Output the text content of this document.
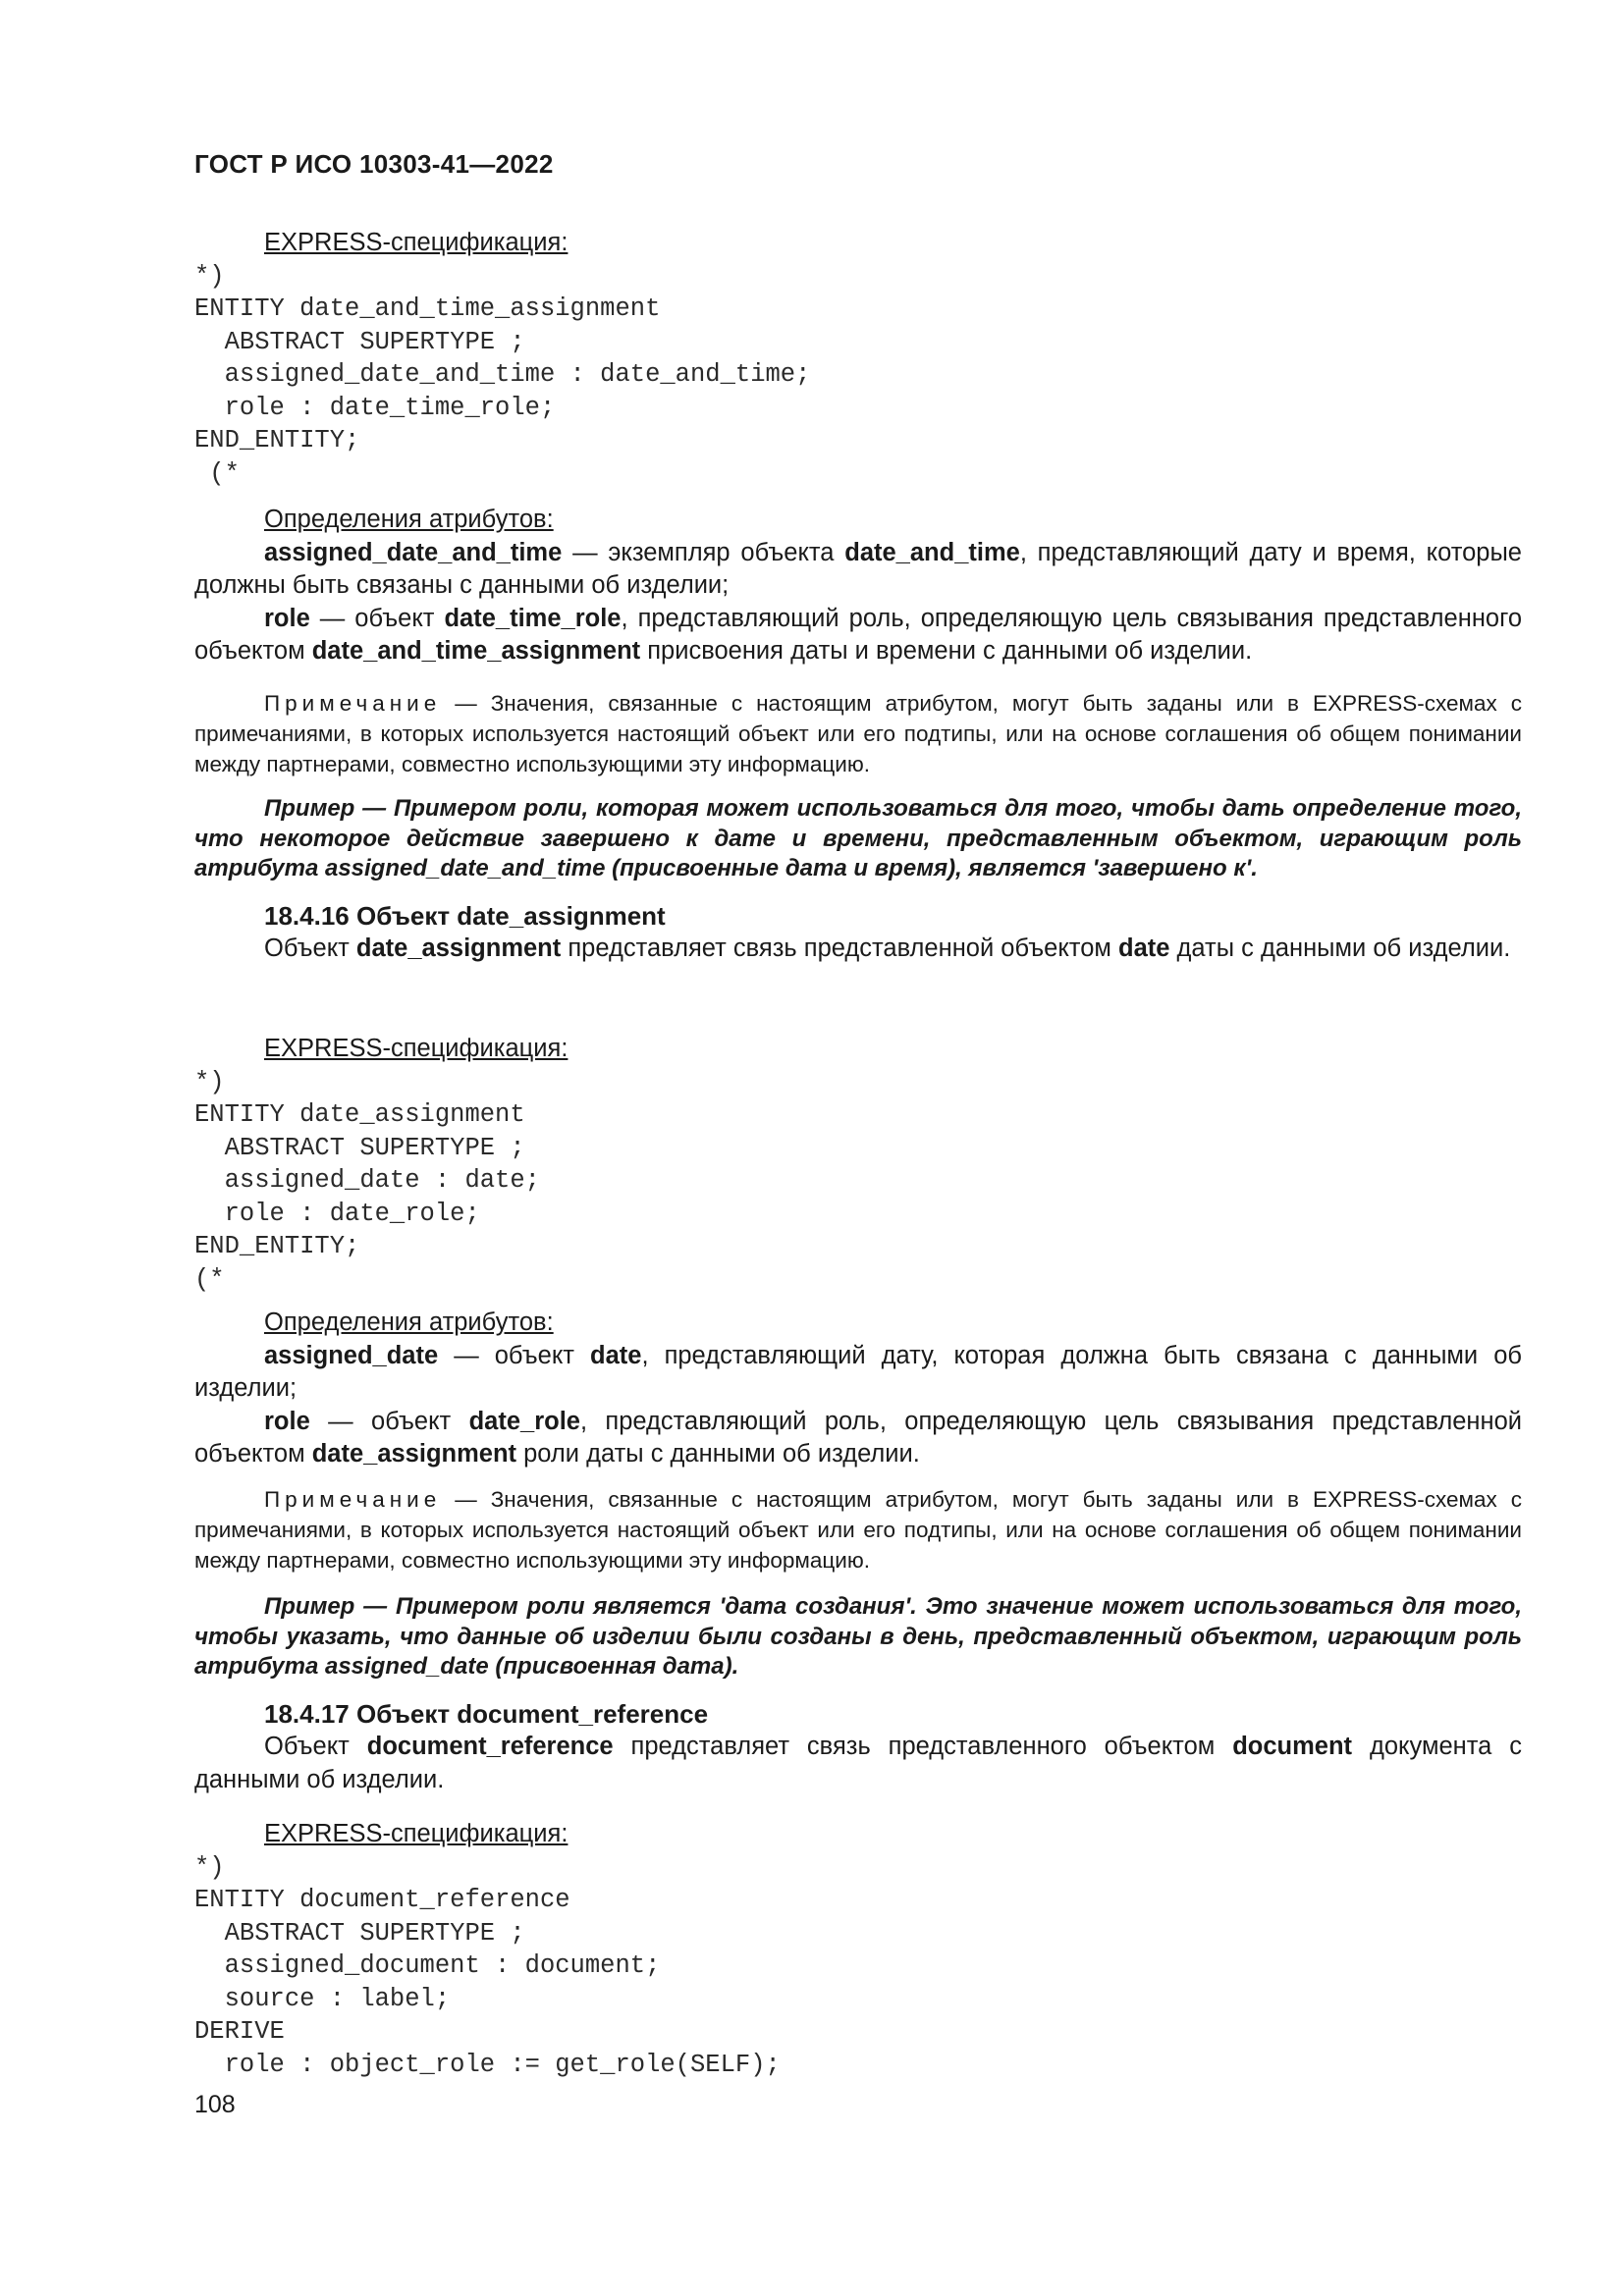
ГОСТ Р ИСО 10303-41—2022

EXPRESS-спецификация:

*)
ENTITY date_and_time_assignment
ABSTRACT SUPERTYPE ;
assigned_date_and_time : date_and_time;
role : date_time_role;
END_ENTITY;
(*

Определения атрибутов:

assigned_date_and_time — экземпляр объекта date_and_time, представляющий дату и время, которые должны быть связаны с данными об изделии;

role — объект date_time_role, представляющий роль, определяющую цель связывания представленного объектом date_and_time_assignment присвоения даты и времени с данными об изделии.

Примечание — Значения, связанные с настоящим атрибутом, могут быть заданы или в EXPRESS-схемах с примечаниями, в которых используется настоящий объект или его подтипы, или на основе соглашения об общем понимании между партнерами, совместно использующими эту информацию.

Пример — Примером роли, которая может использоваться для того, чтобы дать определение того, что некоторое действие завершено к дате и времени, представленным объектом, играющим роль атрибута assigned_date_and_time (присвоенные дата и время), является 'завершено к'.

18.4.16 Объект date_assignment

Объект date_assignment представляет связь представленной объектом date даты с данными об изделии.

EXPRESS-спецификация:

*)
ENTITY date_assignment
ABSTRACT SUPERTYPE ;
assigned_date : date;
role : date_role;
END_ENTITY;
(*

Определения атрибутов:

assigned_date — объект date, представляющий дату, которая должна быть связана с данными об изделии;

role — объект date_role, представляющий роль, определяющую цель связывания представленной объектом date_assignment роли даты с данными об изделии.

Примечание — Значения, связанные с настоящим атрибутом, могут быть заданы или в EXPRESS-схемах с примечаниями, в которых используется настоящий объект или его подтипы, или на основе соглашения об общем понимании между партнерами, совместно использующими эту информацию.

Пример — Примером роли является 'дата создания'. Это значение может использоваться для того, чтобы указать, что данные об изделии были созданы в день, представленный объектом, играющим роль атрибута assigned_date (присвоенная дата).

18.4.17 Объект document_reference

Объект document_reference представляет связь представленного объектом document документа с данными об изделии.

EXPRESS-спецификация:

*)
ENTITY document_reference
ABSTRACT SUPERTYPE ;
assigned_document : document;
source : label;
DERIVE
role : object_role := get_role(SELF);
108
